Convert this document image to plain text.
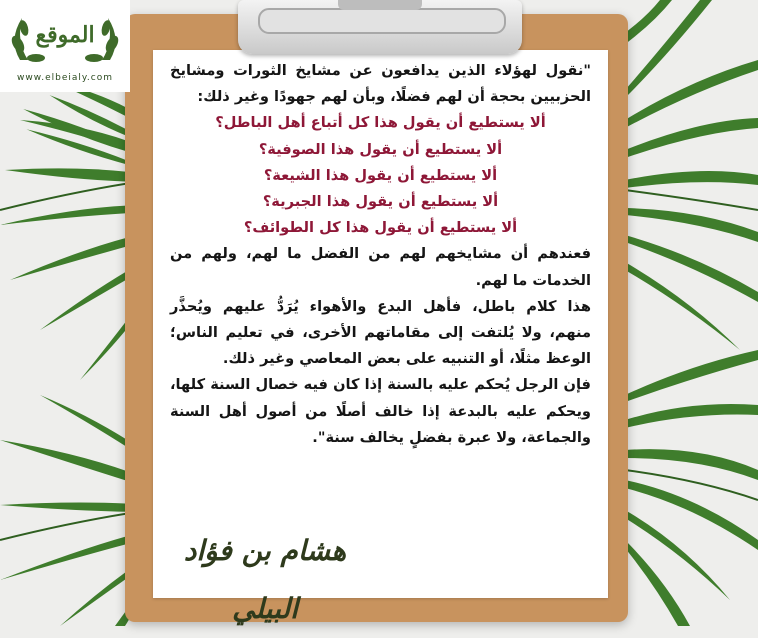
الموقع
www.elbeialy.com	"نقول لهؤلاء الذين يدافعون عن مشايخ الثورات ومشايخ الحزبيين بحجة أن لهم فضلًا، وبأن لهم جهودًا وغير ذلك:

ألا يستطيع أن يقول هذا كل أتباع أهل الباطل؟

ألا يستطيع أن يقول هذا الصوفية؟

ألا يستطيع أن يقول هذا الشيعة؟

ألا يستطيع أن يقول هذا الجبرية؟

ألا يستطيع أن يقول هذا كل الطوائف؟

فعندهم أن مشايخهم لهم من الفضل ما لهم، ولهم من الخدمات ما لهم.

هذا كلام باطل، فأهل البدع والأهواء يُرَدُّ عليهم ويُحذَّر منهم، ولا يُلتفت إلى مقاماتهم الأخرى، في تعليم الناس؛ الوعظ مثلًا، أو التنبيه على بعض المعاصي وغير ذلك.

فإن الرجل يُحكم عليه بالسنة إذا كان فيه خصال السنة كلها، ويحكم عليه بالبدعة إذا خالف أصلًا من أصول أهل السنة والجماعة، ولا عبرة بفضلٍ يخالف سنة".

هشام بن فؤاد البيلي
